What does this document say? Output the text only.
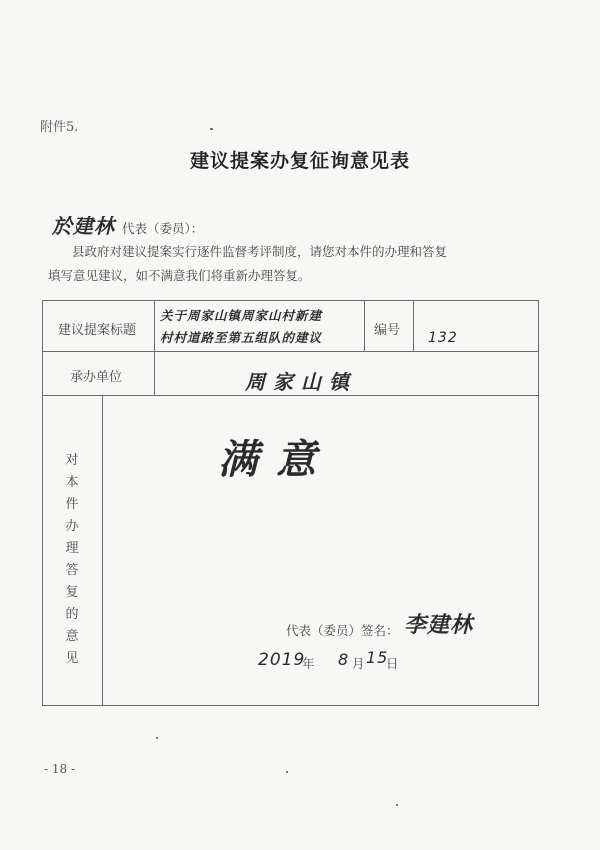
附件5.
建议提案办复征询意见表
於建林 代表（委员）：
县政府对建议提案实行逐件监督考评制度，请您对本件的办理和答复
填写意见建议，如不满意我们将重新办理答复。
建议提案标题
关于周家山镇周家山村新建
村村道路至第五组队的建议	编号 132
承办单位	周家山镇
对本件办理答复的意见
满意
代表（委员）签名： 李建林
2019
年 8 月 15
日
- 18 -
